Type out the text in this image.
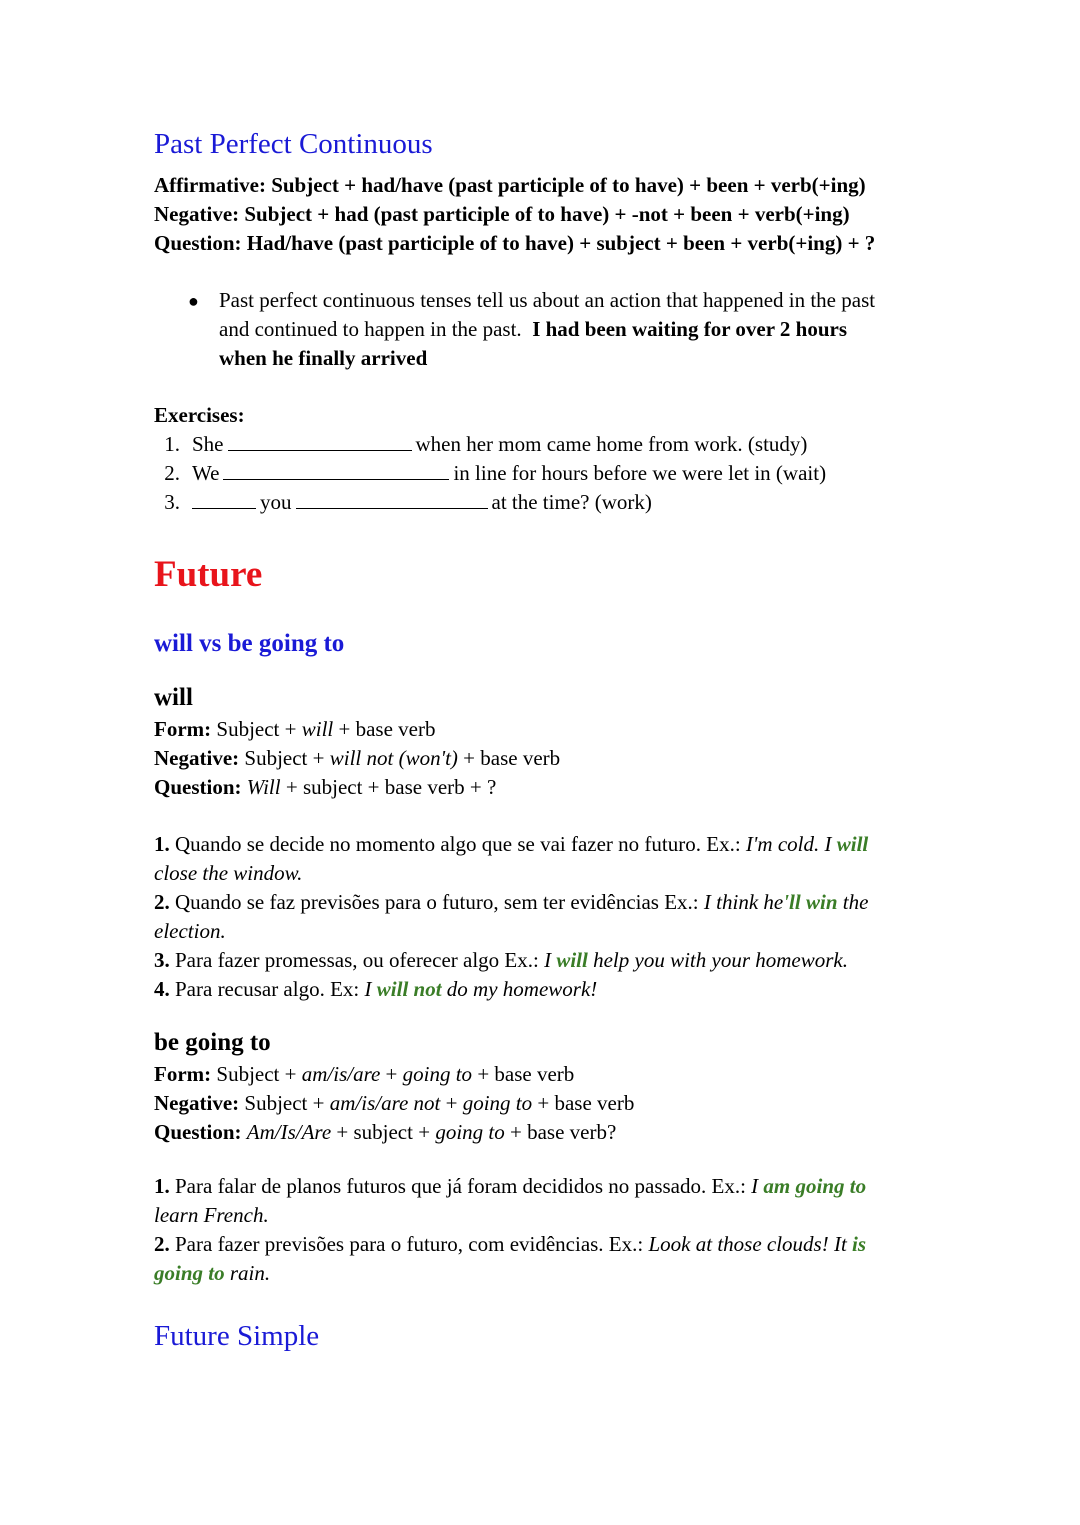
Past Perfect Continuous
Affirmative: Subject + had/have (past participle of to have) + been + verb(+ing)
Negative: Subject + had (past participle of to have) + -not + been + verb(+ing)
Question: Had/have (past participle of to have) + subject + been + verb(+ing) + ?
● Past perfect continuous tenses tell us about an action that happened in the past
and continued to happen in the past. I had been waiting for over 2 hours
when he finally arrived
Exercises:
1. She	when her mom came home from work. (study)
2. We	in line for hours before we were let in (wait)
3.	you	at the time? (work)
Future
will vs be going to
will
Form: Subject + will + base verb
Negative: Subject + will not (won't) + base verb
Question: Will + subject + base verb + ?
1. Quando se decide no momento algo que se vai fazer no futuro. Ex.: I'm cold. I will
close the window.
2. Quando se faz previsões para o futuro, sem ter evidências Ex.: I think he'll win the
election.
3. Para fazer promessas, ou oferecer algo Ex.: I will help you with your homework.
4. Para recusar algo. Ex: I will not do my homework!
be going to
Form: Subject + am/is/are + going to + base verb
Negative: Subject + am/is/are not + going to + base verb
Question: Am/Is/Are + subject + going to + base verb?
1. Para falar de planos futuros que já foram decididos no passado. Ex.: I am going to
learn French.
2. Para fazer previsões para o futuro, com evidências. Ex.: Look at those clouds! It is
going to rain.
Future Simple
